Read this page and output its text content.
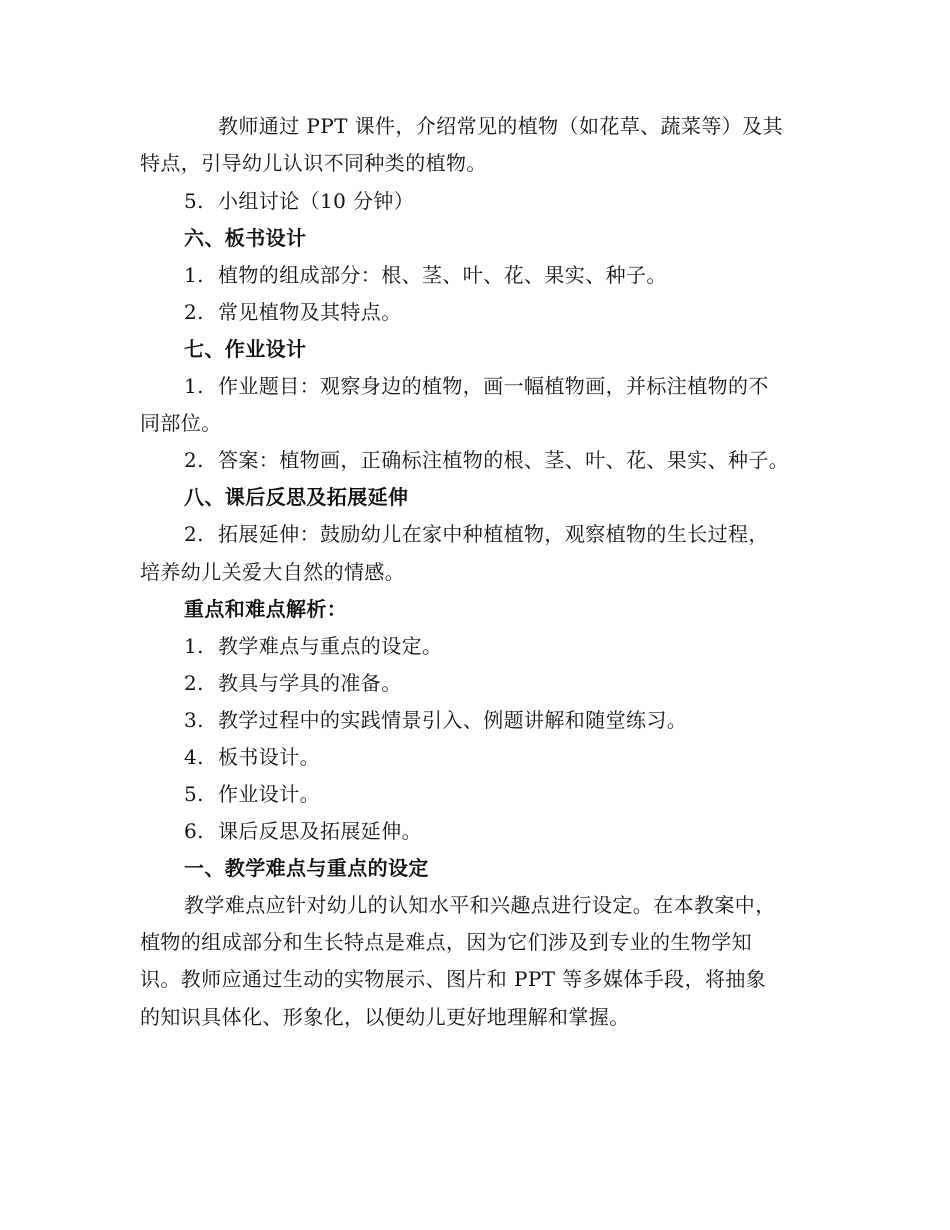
教师通过 PPT 课件，介绍常见的植物（如花草、蔬菜等）及其
特点，引导幼儿认识不同种类的植物。
5. 小组讨论（10 分钟）
六、板书设计
1. 植物的组成部分：根、茎、叶、花、果实、种子。
2. 常见植物及其特点。
七、作业设计
1. 作业题目：观察身边的植物，画一幅植物画，并标注植物的不
同部位。
2. 答案：植物画，正确标注植物的根、茎、叶、花、果实、种子。
八、课后反思及拓展延伸
2. 拓展延伸：鼓励幼儿在家中种植植物，观察植物的生长过程，
培养幼儿关爱大自然的情感。
重点和难点解析：
1. 教学难点与重点的设定。
2. 教具与学具的准备。
3. 教学过程中的实践情景引入、例题讲解和随堂练习。
4. 板书设计。
5. 作业设计。
6. 课后反思及拓展延伸。
一、教学难点与重点的设定
教学难点应针对幼儿的认知水平和兴趣点进行设定。在本教案中，
植物的组成部分和生长特点是难点，因为它们涉及到专业的生物学知
识。教师应通过生动的实物展示、图片和 PPT 等多媒体手段，将抽象
的知识具体化、形象化，以便幼儿更好地理解和掌握。
